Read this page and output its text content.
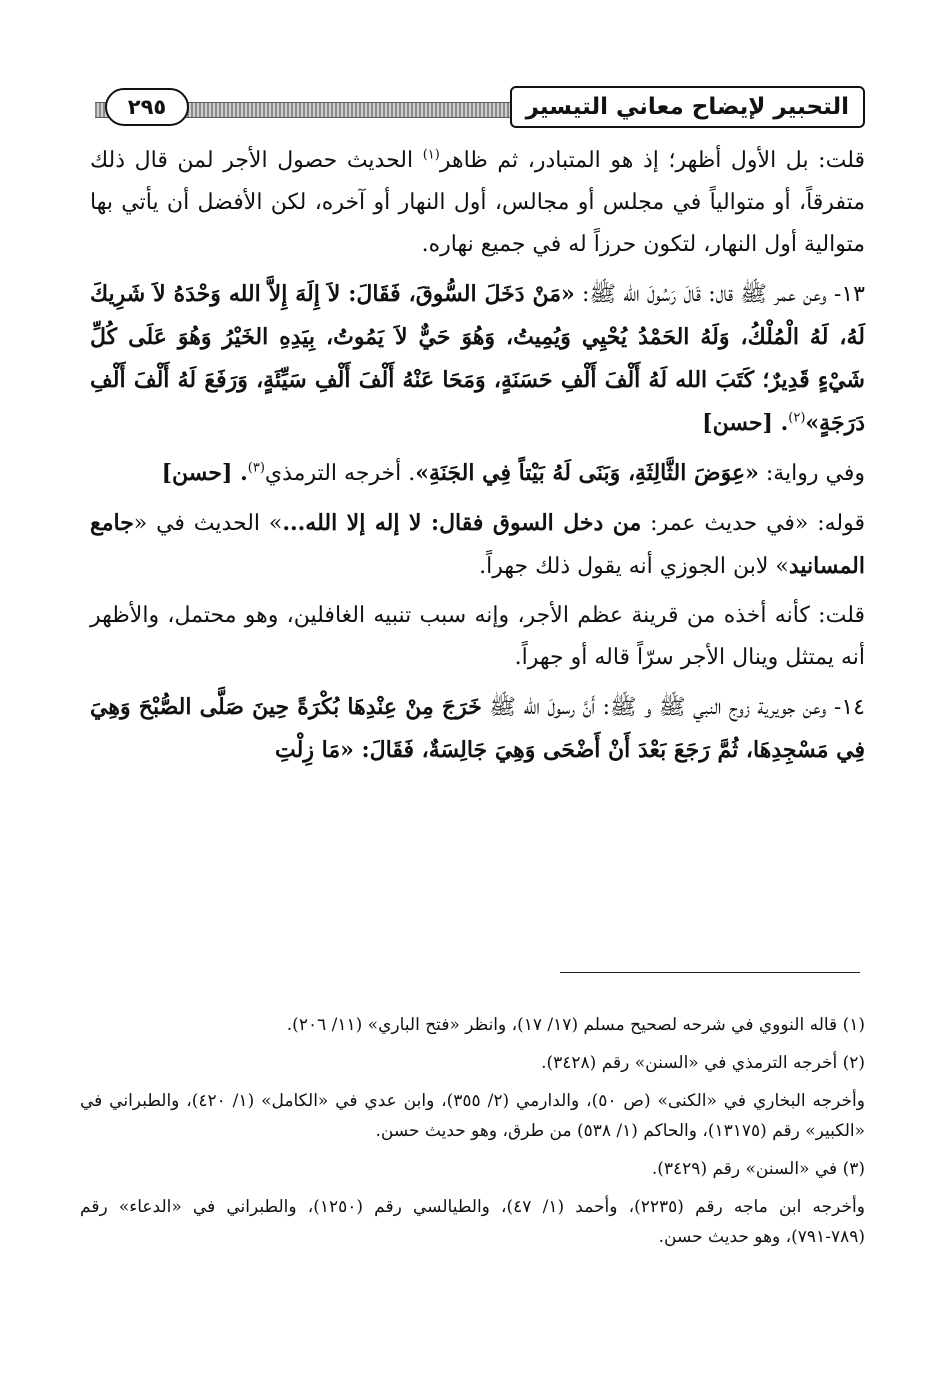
التحبير لإيضاح معاني التيسير
٢٩٥

قلت: بل الأول أظهر؛ إذ هو المتبادر، ثم ظاهر$^{(١)}$ الحديث حصول الأجر لمن قال ذلك متفرقاً، أو متوالياً في مجلس أو مجالس، أول النهار أو آخره، لكن الأفضل أن يأتي بها متوالية أول النهار، لتكون حرزاً له في جميع نهاره.

١٣- وعن عمر ﷺ قال: قَالَ رَسُولَ الله ﷺ: «مَنْ دَخَلَ السُّوقَ، فَقَالَ: لاَ إِلَهَ إِلاَّ الله وَحْدَهُ لاَ شَرِيكَ لَهُ، لَهُ الْمُلْكُ، وَلَهُ الحَمْدُ يُحْيِي وَيُمِيتُ، وَهُوَ حَيٌّ لاَ يَمُوتُ، بِيَدِهِ الخَيْرُ وَهُوَ عَلَى كُلِّ شَيْءٍ قَدِيرٌ؛ كَتَبَ الله لَهُ أَلْفَ أَلْفِ حَسَنَةٍ، وَمَحَا عَنْهُ أَلْفَ أَلْفِ سَيِّئَةٍ، وَرَفَعَ لَهُ أَلْفَ أَلْفِ دَرَجَةٍ»$^{(٢)}$. [حسن]

وفي رواية: «عِوَضَ الثَّالِثَةِ، وَبَنَى لَهُ بَيْتاً فِي الجَنَةِ». أخرجه الترمذي$^{(٣)}$. [حسن]

قوله: «في حديث عمر: من دخل السوق فقال: لا إله إلا الله...» الحديث في «جامع المسانيد» لابن الجوزي أنه يقول ذلك جهراً.

قلت: كأنه أخذه من قرينة عظم الأجر، وإنه سبب تنبيه الغافلين، وهو محتمل، والأظهر أنه يمتثل وينال الأجر سرّاً قاله أو جهراً.

١٤- وعن جويرية زوج النبي ﷺ و ﷺ: أَنَّ رسولَ الله ﷺ خَرَجَ مِنْ عِنْدِهَا بُكْرَةً حِينَ صَلَّى الصُّبْحَ وَهِيَ فِي مَسْجِدِهَا، ثُمَّ رَجَعَ بَعْدَ أَنْ أَضْحَى وَهِيَ جَالِسَةٌ، فَقَالَ: «مَا زِلْتِ

(١) قاله النووي في شرحه لصحيح مسلم (١٧/ ١٧)، وانظر «فتح الباري» (١١/ ٢٠٦).

(٢) أخرجه الترمذي في «السنن» رقم (٣٤٢٨).

وأخرجه البخاري في «الكنى» (ص ٥٠)، والدارمي (٢/ ٣٥٥)، وابن عدي في «الكامل» (١/ ٤٢٠)، والطبراني في «الكبير» رقم (١٣١٧٥)، والحاكم (١/ ٥٣٨) من طرق، وهو حديث حسن.

(٣) في «السنن» رقم (٣٤٢٩).

وأخرجه ابن ماجه رقم (٢٢٣٥)، وأحمد (١/ ٤٧)، والطيالسي رقم (١٢٥٠)، والطبراني في «الدعاء» رقم (٧٨٩-٧٩١)، وهو حديث حسن.
